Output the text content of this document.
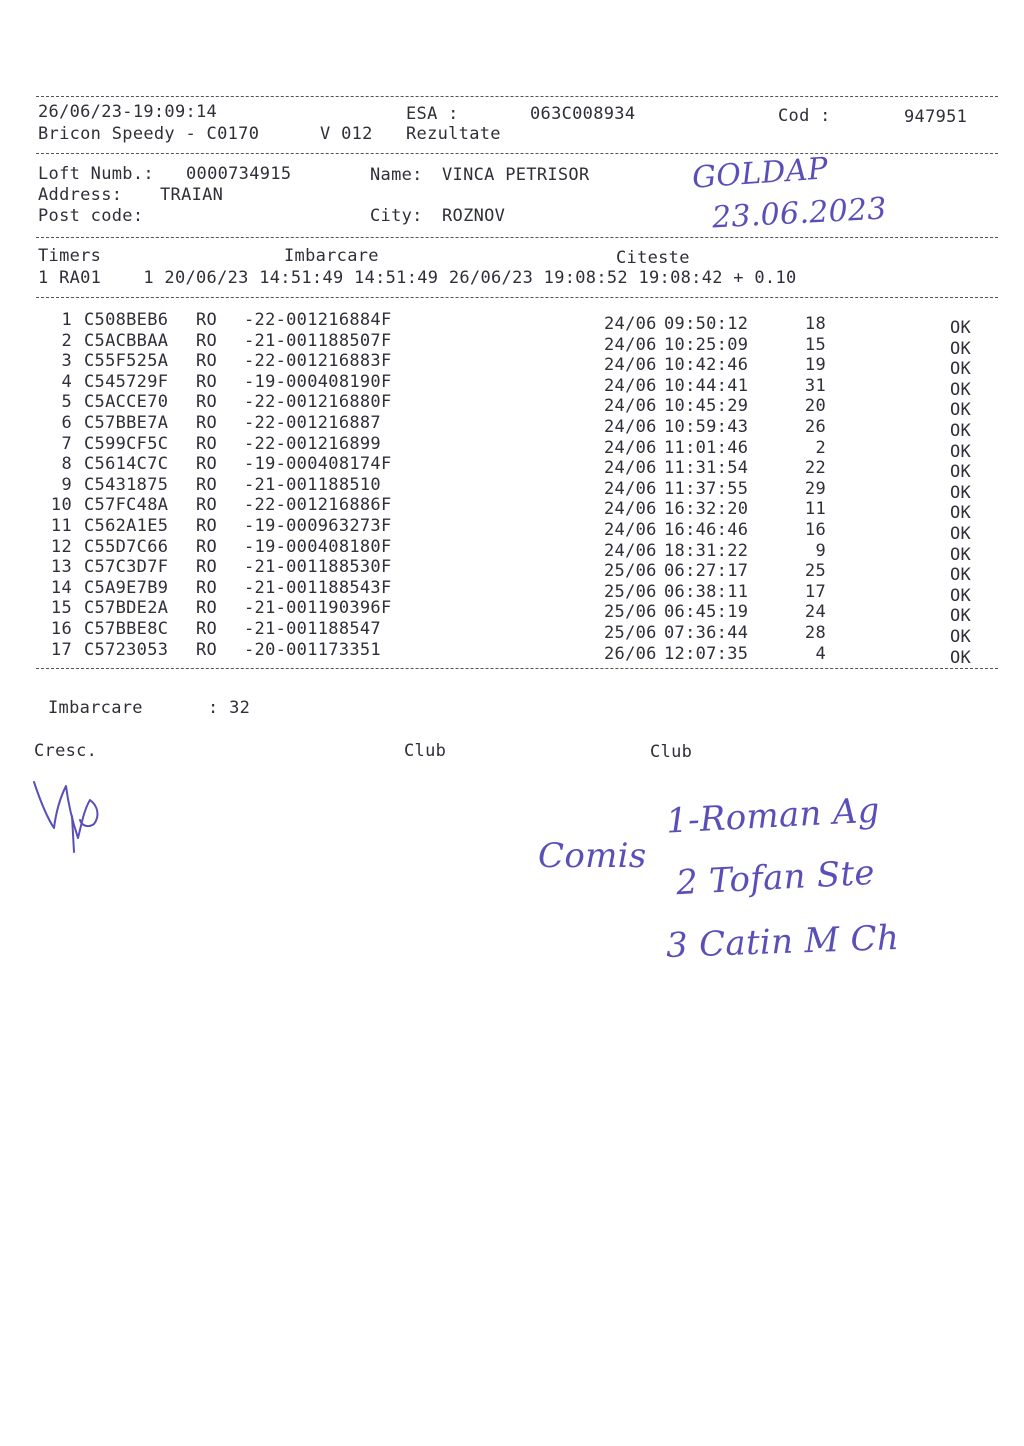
26/06/23-19:09:14	ESA :	063C008934	Cod :	947951
Bricon Speedy - C0170	V 012 Rezultate
Loft Numb.: 0000734915	Name: VINCA PETRISOR
Address: TRAIAN
Post code:	City: ROZNOV
GOLDAP
23.06.2023
Timers	Imbarcare	Citeste
1 RA01    1 20/06/23 14:51:49 14:51:49 26/06/23 19:08:52 19:08:42 + 0.10
1 C508BEB6 RO -22-001216884F	24/06 09:50:12	18	OK
2 C5ACBBAA RO -21-001188507F	24/06 10:25:09	15	OK
3 C55F525A RO -22-001216883F	24/06 10:42:46	19	OK
4 C545729F RO -19-000408190F	24/06 10:44:41	31	OK
5 C5ACCE70 RO -22-001216880F	24/06 10:45:29	20	OK
6 C57BBE7A RO -22-001216887	24/06 10:59:43	26	OK
7 C599CF5C RO -22-001216899	24/06 11:01:46	2	OK
8 C5614C7C RO -19-000408174F	24/06 11:31:54	22	OK
9 C5431875 RO -21-001188510	24/06 11:37:55	29	OK
10 C57FC48A RO -22-001216886F	24/06 16:32:20	11	OK
11 C562A1E5 RO -19-000963273F	24/06 16:46:46	16	OK
12 C55D7C66 RO -19-000408180F	24/06 18:31:22	9	OK
13 C57C3D7F RO -21-001188530F	25/06 06:27:17	25	OK
14 C5A9E7B9 RO -21-001188543F	25/06 06:38:11	17	OK
15 C57BDE2A RO -21-001190396F	25/06 06:45:19	24	OK
16 C57BBE8C RO -21-001188547	25/06 07:36:44	28	OK
17 C5723053 RO -20-001173351	26/06 12:07:35	4	OK
Imbarcare	: 32
Cresc.	Club	Club
Comis
1-Roman Ag
2 Tofan Ste
3 Catin M Ch
